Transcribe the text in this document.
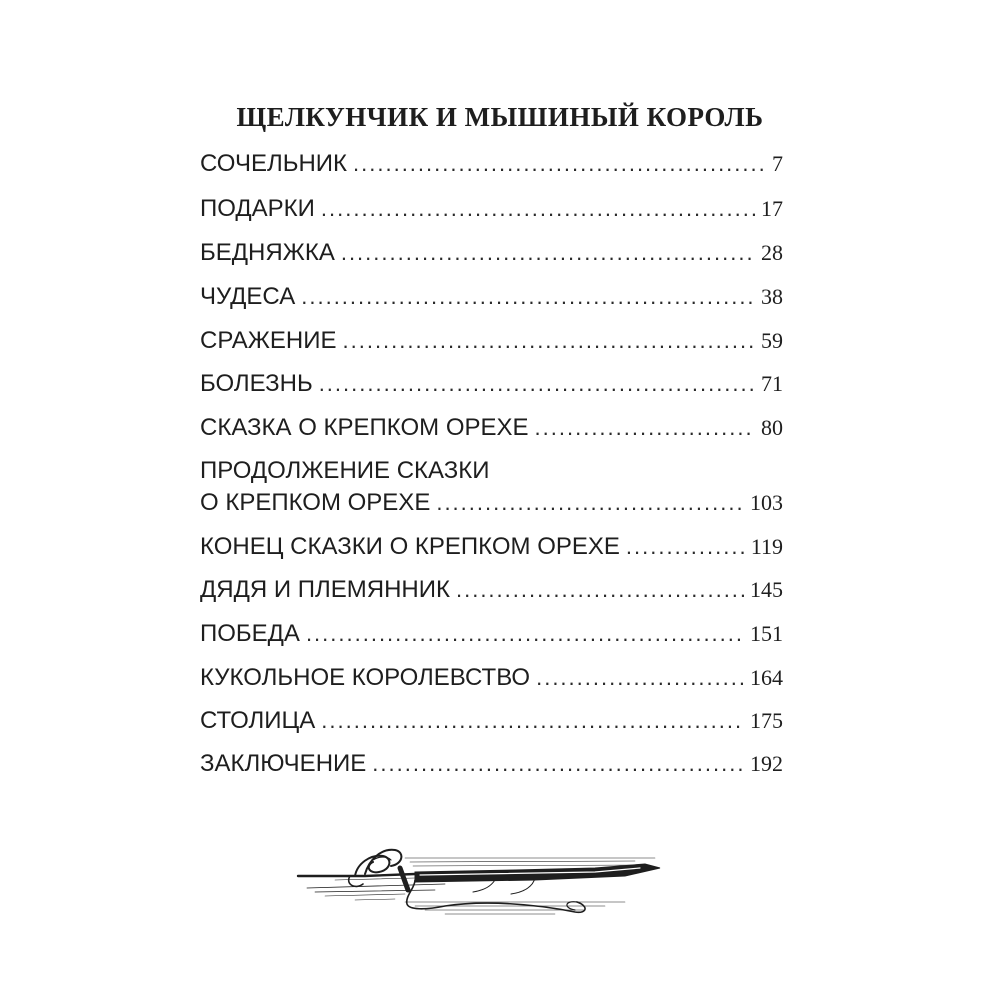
ЩЕЛКУНЧИК И МЫШИНЫЙ КОРОЛЬ
СОЧЕЛЬНИК .....	7
ПОДАРКИ .....	17
БЕДНЯЖКА .....	28
ЧУДЕСА .....	38
СРАЖЕНИЕ .....	59
БОЛЕЗНЬ .....	71
СКАЗКА О КРЕПКОМ ОРЕХЕ .....	80
ПРОДОЛЖЕНИЕ СКАЗКИ
О КРЕПКОМ ОРЕХЕ .....	103
КОНЕЦ СКАЗКИ О КРЕПКОМ ОРЕХЕ .....	119
ДЯДЯ И ПЛЕМЯННИК .....	145
ПОБЕДА .....	151
КУКОЛЬНОЕ КОРОЛЕВСТВО .....	164
СТОЛИЦА .....	175
ЗАКЛЮЧЕНИЕ .....	192
